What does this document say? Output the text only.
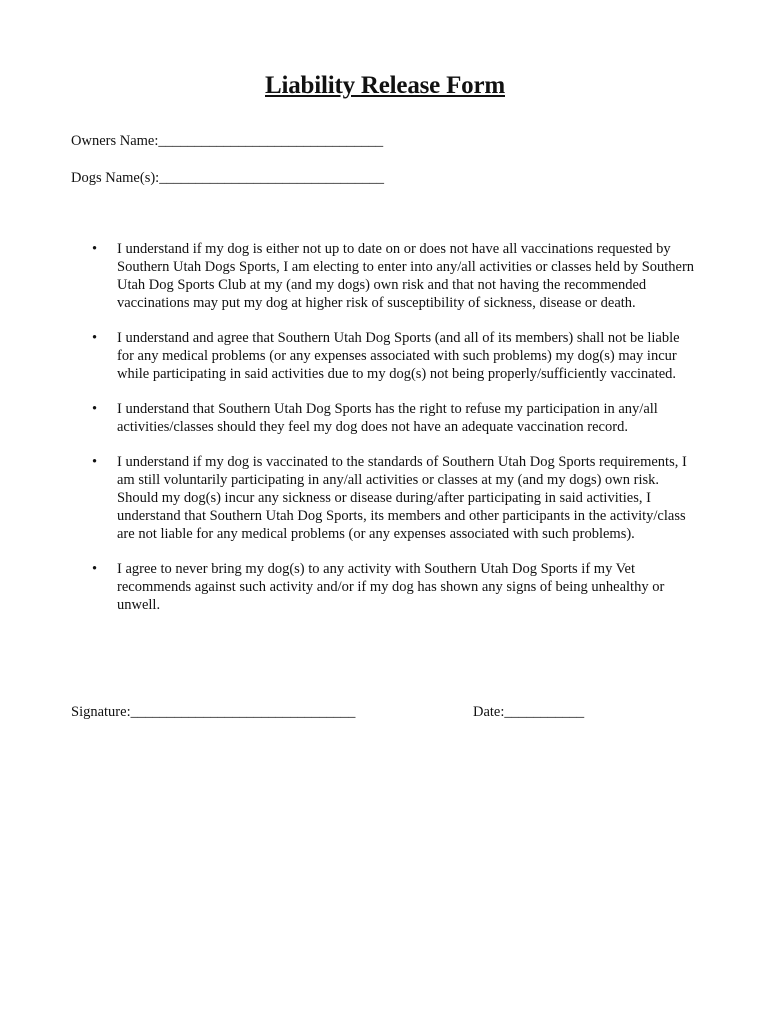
Liability Release Form
Owners Name:_______________________________
Dogs Name(s):_______________________________
• I understand if my dog is either not up to date on or does not have all vaccinations requested by Southern Utah Dogs Sports, I am electing to enter into any/all activities or classes held by Southern Utah Dog Sports Club at my (and my dogs) own risk and that not having the recommended vaccinations may put my dog at higher risk of susceptibility of sickness, disease or death.
• I understand and agree that Southern Utah Dog Sports (and all of its members) shall not be liable for any medical problems (or any expenses associated with such problems) my dog(s) may incur while participating in said activities due to my dog(s) not being properly/sufficiently vaccinated.
• I understand that Southern Utah Dog Sports has the right to refuse my participation in any/all activities/classes should they feel my dog does not have an adequate vaccination record.
• I understand if my dog is vaccinated to the standards of Southern Utah Dog Sports requirements, I am still voluntarily participating in any/all activities or classes at my (and my dogs) own risk. Should my dog(s) incur any sickness or disease during/after participating in said activities, I understand that Southern Utah Dog Sports, its members and other participants in the activity/class are not liable for any medical problems (or any expenses associated with such problems).
• I agree to never bring my dog(s) to any activity with Southern Utah Dog Sports if my Vet recommends against such activity and/or if my dog has shown any signs of being unhealthy or unwell.
Signature:_______________________________	Date:___________
